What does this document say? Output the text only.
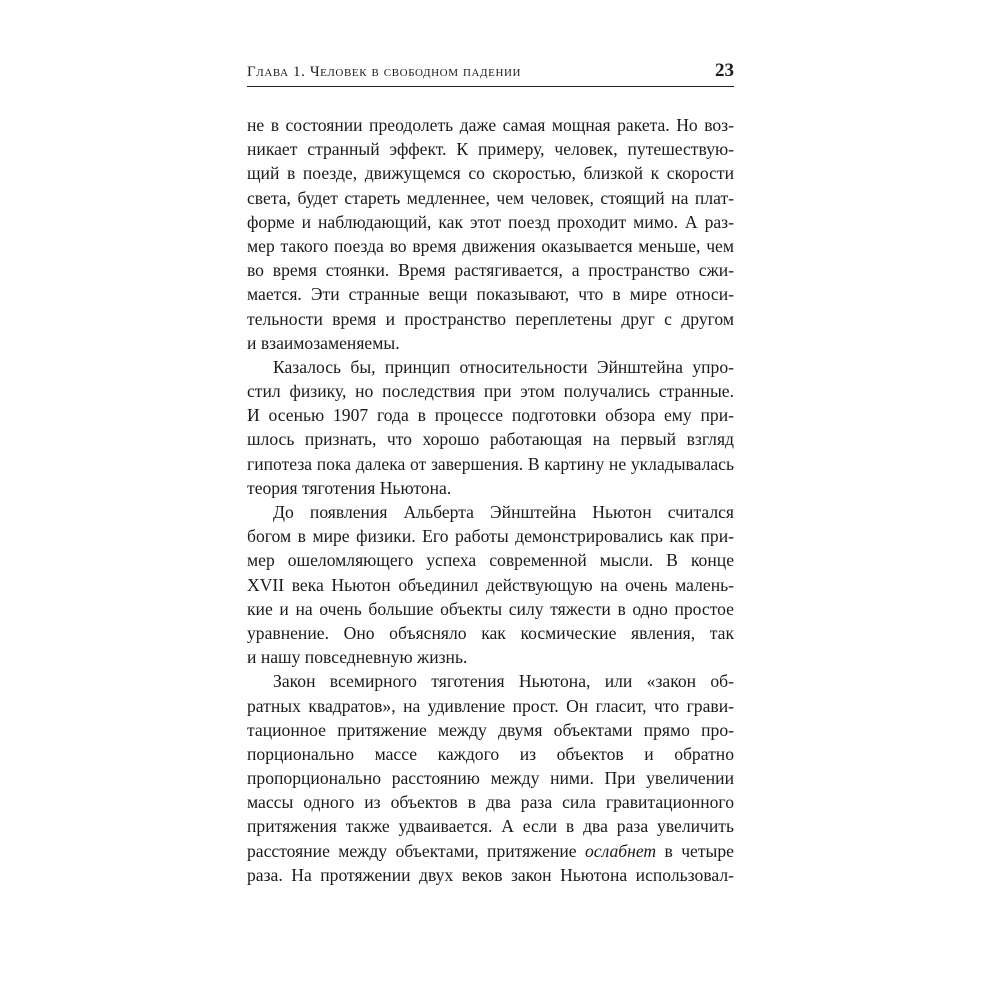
Глава 1. Человек в свободном падении	23
не в состоянии преодолеть даже самая мощная ракета. Но воз-
никает странный эффект. К примеру, человек, путешествую-
щий в поезде, движущемся со скоростью, близкой к скорости
света, будет стареть медленнее, чем человек, стоящий на плат-
форме и наблюдающий, как этот поезд проходит мимо. А раз-
мер такого поезда во время движения оказывается меньше, чем
во время стоянки. Время растягивается, а пространство сжи-
мается. Эти странные вещи показывают, что в мире относи-
тельности время и пространство переплетены друг с другом
и взаимозаменяемы.
Казалось бы, принцип относительности Эйнштейна упро-
стил физику, но последствия при этом получались странные.
И осенью 1907 года в процессе подготовки обзора ему при-
шлось признать, что хорошо работающая на первый взгляд
гипотеза пока далека от завершения. В картину не укладывалась
теория тяготения Ньютона.
До появления Альберта Эйнштейна Ньютон считался
богом в мире физики. Его работы демонстрировались как при-
мер ошеломляющего успеха современной мысли. В конце
XVII века Ньютон объединил действующую на очень малень-
кие и на очень большие объекты силу тяжести в одно простое
уравнение. Оно объясняло как космические явления, так
и нашу повседневную жизнь.
Закон всемирного тяготения Ньютона, или «закон об-
ратных квадратов», на удивление прост. Он гласит, что грави-
тационное притяжение между двумя объектами прямо про-
порционально массе каждого из объектов и обратно
пропорционально расстоянию между ними. При увеличении
массы одного из объектов в два раза сила гравитационного
притяжения также удваивается. А если в два раза увеличить
расстояние между объектами, притяжение ослабнет в четыре
раза. На протяжении двух веков закон Ньютона использовал-
